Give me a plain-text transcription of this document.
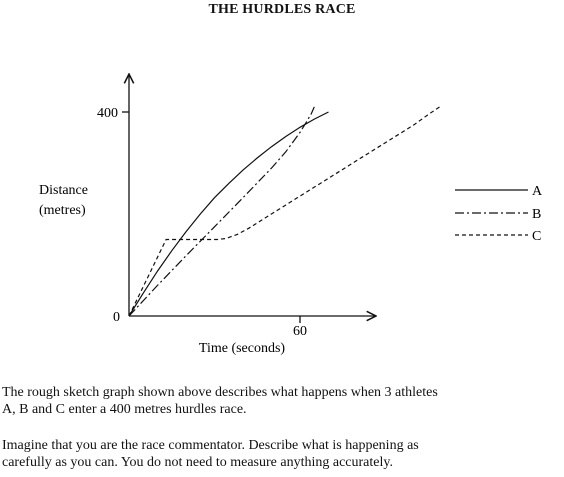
THE HURDLES RACE
400
60
0
Distance
(metres)
Time (seconds)
A
B
C
The rough sketch graph shown above describes what happens when 3 athletes
A, B and C enter a 400 metres hurdles race.
Imagine that you are the race commentator. Describe what is happening as
carefully as you can. You do not need to measure anything accurately.
